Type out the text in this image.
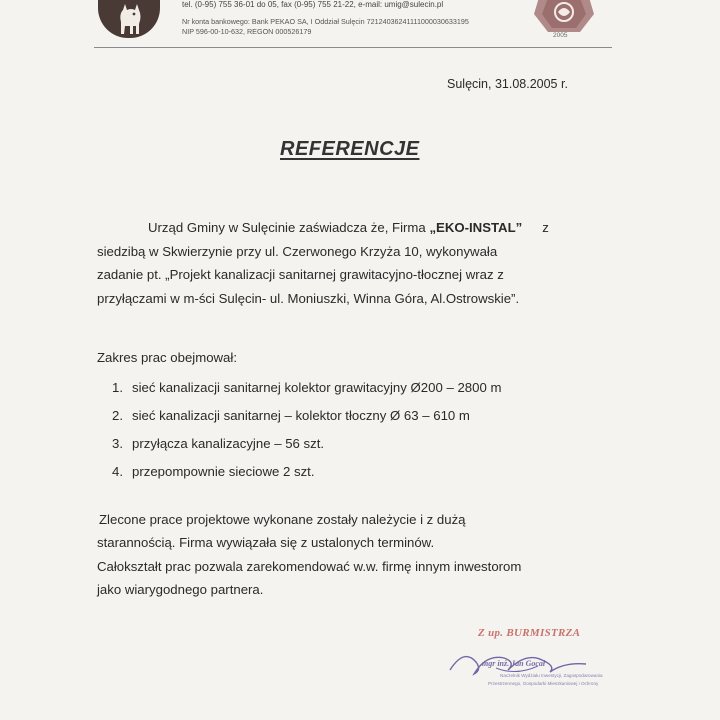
tel. (0-95) 755 36-01 do 05, fax (0-95) 755 21-22, e-mail: umig@sulecin.pl
Nr konta bankowego: Bank PEKAO SA, I Oddział Sulęcin 72124036241111000030633195
NIP 596-00-10-632, REGON 000526179	2005
Sulęcin, 31.08.2005 r.
REFERENCJE
Urząd Gminy w Sulęcinie zaświadcza że, Firma „EKO-INSTAL” z
siedzibą w Skwierzynie przy ul. Czerwonego Krzyża 10, wykonywała
zadanie pt. „Projekt kanalizacji sanitarnej grawitacyjno-tłocznej wraz z
przyłączami w m-ści Sulęcin- ul. Moniuszki, Winna Góra, Al.Ostrowskie”.
Zakres prac obejmował:
1. sieć kanalizacji sanitarnej kolektor grawitacyjny Ø200 – 2800 m
2. sieć kanalizacji sanitarnej – kolektor tłoczny Ø 63 – 610 m
3. przyłącza kanalizacyjne – 56 szt.
4. przepompownie sieciowe 2 szt.
Zlecone prace projektowe wykonane zostały należycie i z dużą
starannością. Firma wywiązała się z ustalonych terminów.
Całokształt prac pozwala zarekomendować w.w. firmę innym inwestorom
jako wiarygodnego partnera.
Z up. BURMISTRZA
mgr inż. Jan Gocał
Naczelnik Wydziału Inwestycji, Zagospodarowania
Przestrzennego, Gospodarki Mieszkaniowej i Ochrony
